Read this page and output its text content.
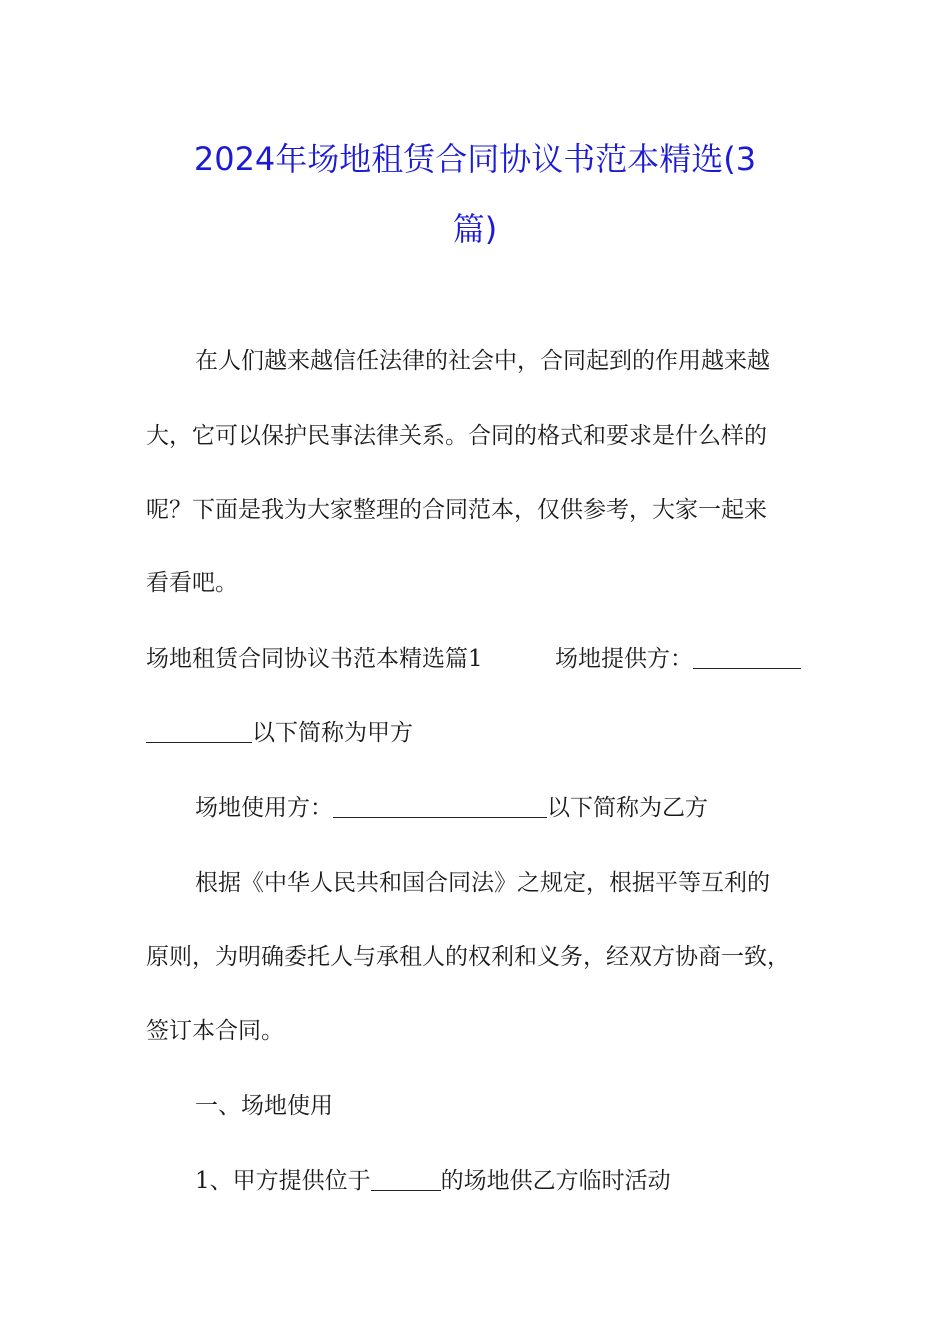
2024年场地租赁合同协议书范本精选(3
篇)
在人们越来越信任法律的社会中，合同起到的作用越来越
大，它可以保护民事法律关系。合同的格式和要求是什么样的
呢？下面是我为大家整理的合同范本，仅供参考，大家一起来
看看吧。
场地租赁合同协议书范本精选篇1	场地提供方：
以下简称为甲方
场地使用方：	以下简称为乙方
根据《中华人民共和国合同法》之规定，根据平等互利的
原则，为明确委托人与承租人的权利和义务，经双方协商一致，
签订本合同。
一、场地使用
1、甲方提供位于	的场地供乙方临时活动
